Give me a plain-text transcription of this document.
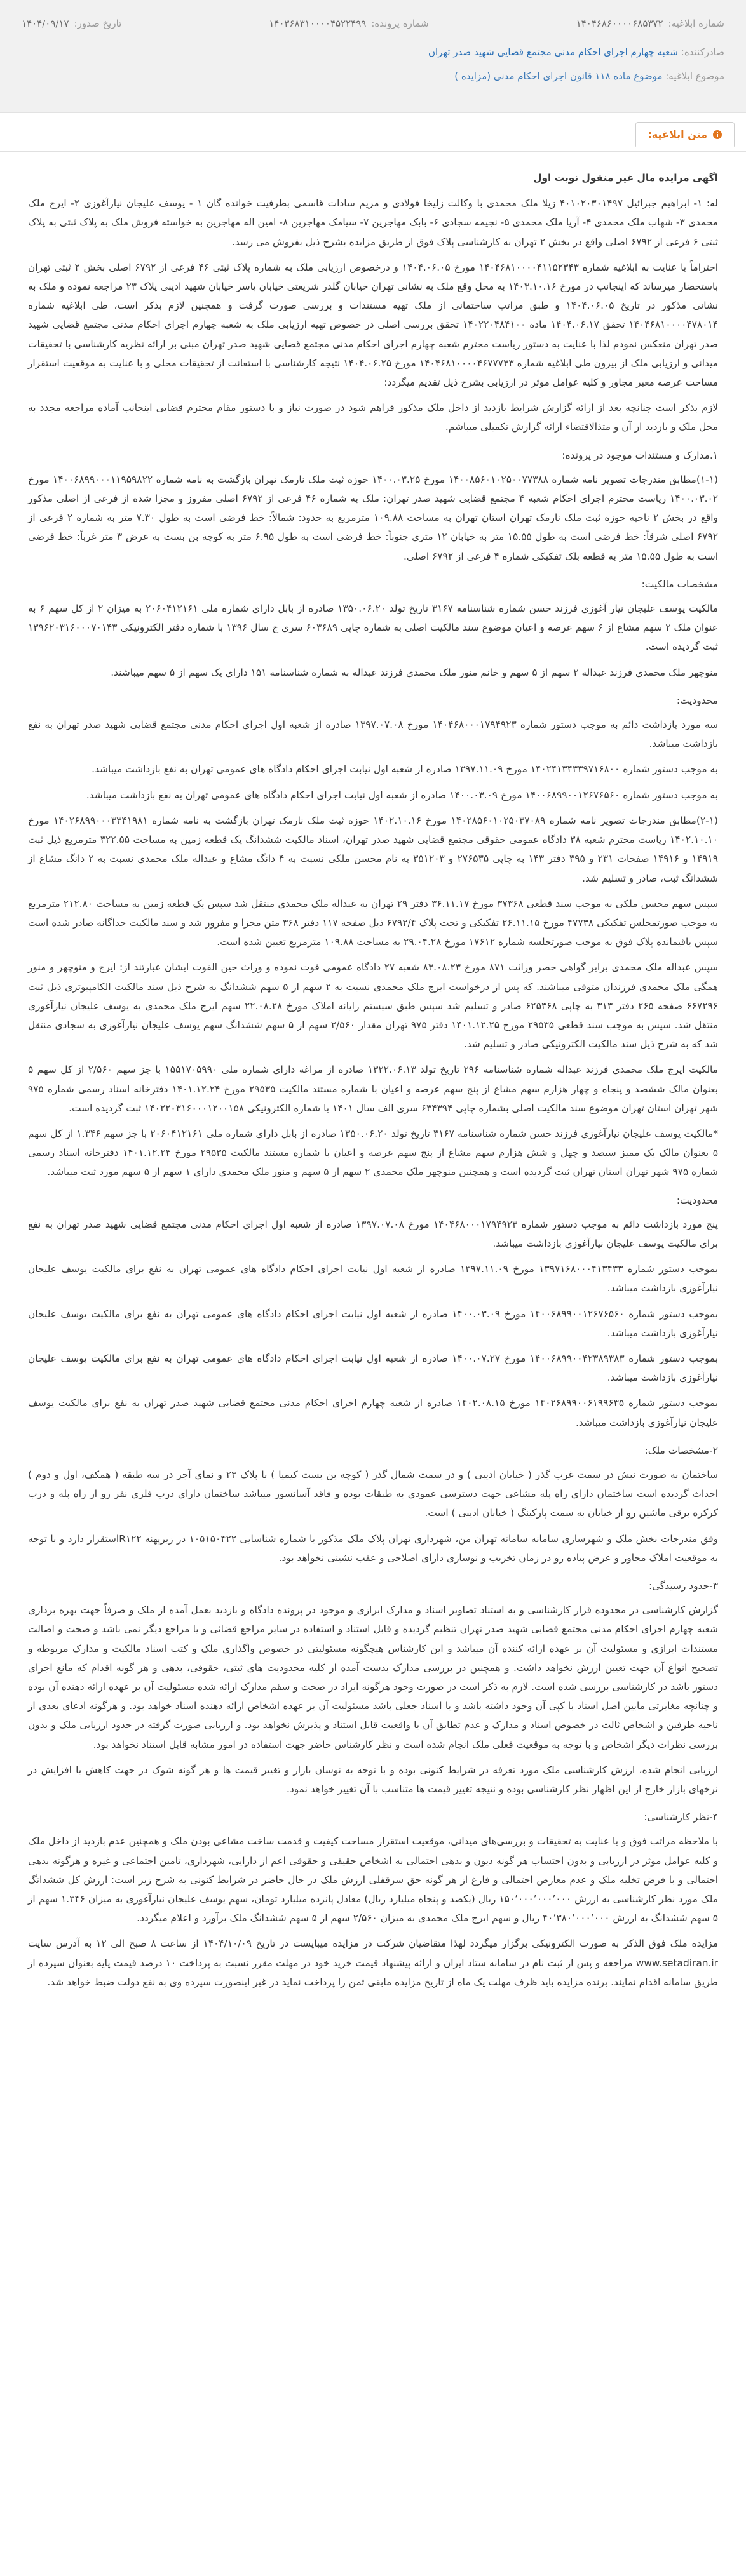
شماره ابلاغیه:
۱۴۰۴۶۸۶۰۰۰۰۶۸۵۳۷۲
شماره پرونده:
۱۴۰۳۶۸۳۱۰۰۰۰۴۵۲۲۴۹۹
تاریخ صدور:
۱۴۰۴/۰۹/۱۷
صادرکننده: شعبه چهارم اجرای احکام مدنی مجتمع قضایی شهید صدر تهران
موضوع ابلاغیه: موضوع ماده ۱۱۸ قانون اجرای احکام مدنی (مزایده )
متن ابلاغیه:

اگهی مزایده مال غیر منقول نوبت اول

له: ۱- ابراهیم جبرائیل ۴۰۱۰۲۰۳۰۱۴۹۷ زیلا ملک محمدی با وکالت زلیخا فولادی و مریم سادات قاسمی بطرفیت خوانده گان ۱ - یوسف علیجان نیارآغوزی ۲- ایرج ملک محمدی ۳- شهاب ملک محمدی ۴- آریا ملک محمدی ۵- نجیمه سجادی ۶- بابک مهاجرین ۷- سیامک مهاجرین ۸- امین اله مهاجرین به خواسته فروش ملک به پلاک ثبتی به پلاک ثبتی ۶ فرعی از ۶۷۹۲ اصلی واقع در بخش ۲ تهران به کارشناسی پلاک فوق از طریق مزایده بشرح ذیل بفروش می رسد.

احتراماً با عنایت به ابلاغیه شماره ۱۴۰۴۶۸۱۰۰۰۰۴۱۱۵۲۳۴۳ مورخ ۱۴۰۴.۰۶.۰۵ و درخصوص ارزیابی ملک به شماره پلاک ثبتی ۴۶ فرعی از ۶۷۹۲ اصلی بخش ۲ ثبتی تهران باستحضار میرساند که اینجانب در مورخ ۱۴۰۳.۱۰.۱۶ به محل وقع ملک به نشانی تهران خیابان گلدر شریعتی خیابان یاسر خیابان شهید ادیبی پلاک ۲۳ مراجعه نموده و ملک به نشانی مذکور در تاریخ ۱۴۰۴.۰۶.۰۵ و طبق مراتب ساختمانی از ملک تهیه مستندات و بررسی صورت گرفت و همچنین لازم بذکر است، طی ابلاغیه شماره ۱۴۰۴۶۸۱۰۰۰۰۴۷۸۰۱۴ تحقق ۱۴۰۴.۰۶.۱۷ ماده ۱۴۰۲۲۰۴۸۴۱۰۰ تحقق بررسی اصلی در خصوص تهیه ارزیابی ملک به شعبه چهارم اجرای احکام مدنی مجتمع قضایی شهید صدر تهران منعکس نمودم لذا با عنایت به دستور ریاست محترم شعبه چهارم اجرای احکام مدنی مجتمع قضایی شهید صدر تهران مبنی بر ارائه نظریه کارشناسی با تحقیقات میدانی و ارزیابی ملک از بیرون طی ابلاغیه شماره ۱۴۰۴۶۸۱۰۰۰۰۴۶۷۷۷۳۳ مورخ ۱۴۰۴.۰۶.۲۵ نتیجه کارشناسی با استعانت از تحقیقات محلی و با عنایت به موقعیت استقرار مساحت عرصه معبر مجاور و کلیه عوامل موثر در ارزیابی بشرح ذیل تقدیم میگردد:

لازم بذکر است چنانچه بعد از ارائه گزارش شرایط بازدید از داخل ملک مذکور فراهم شود در صورت نیاز و با دستور مقام محترم قضایی اینجانب آماده مراجعه مجدد به محل ملک و بازدید از آن و متذالاقتضاء ارائه گزارش تکمیلی میباشم.

۱.مدارک و مستندات موجود در پرونده:

(۱-۱)مطابق مندرجات تصویر نامه شماره ۱۴۰۰۸۵۶۰۱۰۲۵۰۰۷۷۳۸۸ مورخ ۱۴۰۰.۰۳.۲۵ حوزه ثبت ملک نارمک تهران بازگشت به نامه شماره ۱۴۰۰۶۸۹۹۰۰۰۱۱۹۵۹۸۲۲ مورخ ۱۴۰۰.۰۳.۰۲ ریاست محترم اجرای احکام شعبه ۴ مجتمع قضایی شهید صدر تهران: ملک به شماره ۴۶ فرعی از ۶۷۹۲ اصلی مفروز و مجزا شده از فرعی از اصلی مذکور واقع در بخش ۲ ناحیه حوزه ثبت ملک نارمک تهران استان تهران به مساحت ۱۰۹.۸۸ مترمربع به حدود: شمالاً: خط فرضی است به طول ۷.۳۰ متر به شماره ۲ فرعی از ۶۷۹۲ اصلی شرقاً: خط فرضی است به طول ۱۵.۵۵ متر به خیابان ۱۲ متری جنوباً: خط فرضی است به طول ۶.۹۵ متر به کوچه بن بست به عرض ۳ متر غرباً: خط فرضی است به طول ۱۵.۵۵ متر به قطعه بلک تفکیکی شماره ۴ فرعی از ۶۷۹۲ اصلی.

مشخصات مالکیت:

مالکیت یوسف علیجان نیار آغوزی فرزند حسن شماره شناسنامه ۳۱۶۷ تاریخ تولد ۱۳۵۰.۰۶.۲۰ صادره از بابل دارای شماره ملی ۲۰۶۰۴۱۲۱۶۱ به میزان ۲ از کل سهم ۶ به عنوان ملک ۲ سهم مشاع از ۶ سهم عرصه و اعیان موضوع سند مالکیت اصلی به شماره چاپی ۶۰۳۶۸۹ سری ج سال ۱۳۹۶ با شماره دفتر الکترونیکی ۱۳۹۶۲۰۳۱۶۰۰۰۷۰۱۴۳ ثبت گردیده است.

منوچهر ملک محمدی فرزند عبداله ۲ سهم از ۵ سهم و خانم منور ملک محمدی فرزند عبداله به شماره شناسنامه ۱۵۱ دارای یک سهم از ۵ سهم میباشند.

محدودیت:

سه مورد بازداشت دائم به موجب دستور شماره ۱۴۰۴۶۸۰۰۰۱۷۹۴۹۲۳ مورخ ۱۳۹۷.۰۷.۰۸ صادره از شعبه اول اجرای احکام مدنی مجتمع قضایی شهید صدر تهران به نفع بازداشت میباشد.

به موجب دستور شماره ۱۴۰۲۴۱۳۴۳۳۹۷۱۶۸۰۰ مورخ ۱۳۹۷.۱۱.۰۹ صادره از شعبه اول نیابت اجرای احکام دادگاه های عمومی تهران به نفع بازداشت میباشد.

به موجب دستور شماره ۱۴۰۰۶۸۹۹۰۰۱۲۶۷۶۵۶۰ مورخ ۱۴۰۰.۰۳.۰۹ صادره از شعبه اول نیابت اجرای احکام دادگاه های عمومی تهران به نفع بازداشت میباشد.

(۲-۱)مطابق مندرجات تصویر نامه شماره ۱۴۰۲۸۵۶۰۱۰۲۵۰۳۷۰۸۹ مورخ ۱۴۰۲.۱۰.۱۶ حوزه ثبت ملک نارمک تهران بازگشت به نامه شماره ۱۴۰۲۶۸۹۹۰۰۰۳۳۴۱۹۸۱ مورخ ۱۴۰۲.۱۰.۱۰ ریاست محترم شعبه ۳۸ دادگاه عمومی حقوقی مجتمع قضایی شهید صدر تهران، اسناد مالکیت ششدانگ یک قطعه زمین به مساحت ۳۲۲.۵۵ مترمربع ذیل ثبت ۱۴۹۱۹ و ۱۴۹۱۶ صفحات ۲۳۱ و ۳۹۵ دفتر ۱۴۳ به چاپی ۲۷۶۵۳۵ و ۳۵۱۲۰۳ به نام محسن ملکی نسبت به ۴ دانگ مشاع و عبداله ملک محمدی نسبت به ۲ دانگ مشاع از ششدانگ ثبت، صادر و تسلیم شد.

سپس سهم محسن ملکی به موجب سند قطعی ۳۷۳۶۸ مورخ ۳۶.۱۱.۱۷ دفتر ۲۹ تهران به عبداله ملک محمدی منتقل شد سپس یک قطعه زمین به مساحت ۲۱۲.۸۰ مترمربع به موجب صورتمجلس تفکیکی ۴۷۷۳۸ مورخ ۲۶.۱۱.۱۵ تفکیکی و تحت پلاک ۶۷۹۲/۴ ذیل صفحه ۱۱۷ دفتر ۳۶۸ متن مجزا و مفروز شد و سند مالکیت جداگانه صادر شده است سپس باقیمانده پلاک فوق به موجب صورتجلسه شماره ۱۷۶۱۲ مورخ ۲۹.۰۴.۲۸ به مساحت ۱۰۹.۸۸ مترمربع تعیین شده است.

سپس عبداله ملک محمدی برابر گواهی حصر وراثت ۸۷۱ مورخ ۸۳.۰۸.۲۳ شعبه ۲۷ دادگاه عمومی فوت نموده و وراث حین الفوت ایشان عبارتند از: ایرج و منوچهر و منور همگی ملک محمدی فرزندان متوفی میباشند. که پس از درخواست ایرج ملک محمدی نسبت به ۲ سهم از ۵ سهم ششدانگ به شرح ذیل سند مالکیت الکامپیوتری ذیل ثبت ۶۶۷۲۹۶ صفحه ۲۶۵ دفتر ۳۱۳ به چاپی ۶۲۵۳۶۸ صادر و تسلیم شد سپس طبق سیستم رایانه املاک مورخ ۲۲.۰۸.۲۸ سهم ایرج ملک محمدی به یوسف علیجان نیارآغوزی منتقل شد. سپس به موجب سند قطعی ۲۹۵۳۵ مورخ ۱۴۰۱.۱۲.۲۵ دفتر ۹۷۵ تهران مقدار ۲/۵۶۰ سهم از ۵ سهم ششدانگ سهم یوسف علیجان نیارآغوزی به سجادی منتقل شد که به شرح ذیل سند مالکیت الکترونیکی صادر و تسلیم شد.

مالکیت ایرج ملک محمدی فرزند عبداله شماره شناسنامه ۲۹۶ تاریخ تولد ۱۳۲۲.۰۶.۱۳ صادره از مراغه دارای شماره ملی ۱۵۵۱۷۰۵۹۹۰ با جز سهم ۲/۵۶۰ از کل سهم ۵ بعنوان مالک ششصد و پنجاه و چهار هزارم سهم مشاع از پنج سهم عرصه و اعیان با شماره مستند مالکیت ۲۹۵۳۵ مورخ ۱۴۰۱.۱۲.۲۴ دفترخانه اسناد رسمی شماره ۹۷۵ شهر تهران استان تهران موضوع سند مالکیت اصلی بشماره چاپی ۶۳۴۳۹۴ سری الف سال ۱۴۰۱ با شماره الکترونیکی ۱۴۰۲۲۰۳۱۶۰۰۰۱۲۰۰۱۵۸ ثبت گردیده است.

*مالکیت یوسف علیجان نیارآغوزی فرزند حسن شماره شناسنامه ۳۱۶۷ تاریخ تولد ۱۳۵۰.۰۶.۲۰ صادره از بابل دارای شماره ملی ۲۰۶۰۴۱۲۱۶۱ با جز سهم ۱.۳۴۶ از کل سهم ۵ بعنوان مالک یک ممیز سیصد و چهل و شش هزارم سهم مشاع از پنج سهم عرصه و اعیان با شماره مستند مالکیت ۲۹۵۳۵ مورخ ۱۴۰۱.۱۲.۲۴ دفترخانه اسناد رسمی شماره ۹۷۵ شهر تهران استان تهران ثبت گردیده است و همچنین منوچهر ملک محمدی ۲ سهم از ۵ سهم و منور ملک محمدی دارای ۱ سهم از ۵ سهم مورد ثبت میباشد.

محدودیت:

پنج مورد بازداشت دائم به موجب دستور شماره ۱۴۰۴۶۸۰۰۰۱۷۹۴۹۲۳ مورخ ۱۳۹۷.۰۷.۰۸ صادره از شعبه اول اجرای احکام مدنی مجتمع قضایی شهید صدر تهران به نفع برای مالکیت یوسف علیجان نیارآغوزی بازداشت میباشد.

بموجب دستور شماره ۱۳۹۷۱۶۸۰۰۰۴۱۳۴۳۳ مورخ ۱۳۹۷.۱۱.۰۹ صادره از شعبه اول نیابت اجرای احکام دادگاه های عمومی تهران به نفع برای مالکیت یوسف علیجان نیارآغوزی بازداشت میباشد.

بموجب دستور شماره ۱۴۰۰۶۸۹۹۰۰۱۲۶۷۶۵۶۰ مورخ ۱۴۰۰.۰۳.۰۹ صادره از شعبه اول نیابت اجرای احکام دادگاه های عمومی تهران به نفع برای مالکیت یوسف علیجان نیارآغوزی بازداشت میباشد.

بموجب دستور شماره ۱۴۰۰۶۸۹۹۰۰۴۲۳۸۹۳۸۳ مورخ ۱۴۰۰.۰۷.۲۷ صادره از شعبه اول نیابت اجرای احکام دادگاه های عمومی تهران به نفع برای مالکیت یوسف علیجان نیارآغوزی بازداشت میباشد.

بموجب دستور شماره ۱۴۰۲۶۸۹۹۰۰۶۱۹۹۶۳۵ مورخ ۱۴۰۲.۰۸.۱۵ صادره از شعبه چهارم اجرای احکام مدنی مجتمع قضایی شهید صدر تهران به نفع برای مالکیت یوسف علیجان نیارآغوزی بازداشت میباشد.

۲-مشخصات ملک:

ساختمان به صورت نبش در سمت غرب گذر ( خیابان ادیبی ) و در سمت شمال گذر ( کوچه بن بست کیمیا ) با پلاک ۲۳ و نمای آجر در سه طبقه ( همکف، اول و دوم ) احداث گردیده است ساختمان دارای راه پله مشاعی جهت دسترسی عمودی به طبقات بوده و فاقد آسانسور میباشد ساختمان دارای درب فلزی نفر رو از راه پله و درب کرکره برقی ماشین رو از خیابان به سمت پارکینگ ( خیابان ادیبی ) است.

وفق مندرجات بخش ملک و شهرسازی سامانه سامانه تهران من، شهرداری تهران پلاک ملک مذکور با شماره شناسایی ۱۰۵۱۵۰۴۲۲ در زیرپهنه R۱۲۲استقرار دارد و با توجه به موقعیت املاک مجاور و عرض پیاده رو در زمان تخریب و نوسازی دارای اصلاحی و عقب نشینی نخواهد بود.

۳-حدود رسیدگی:

گزارش کارشناسی در محدوده قرار کارشناسی و به استناد تصاویر اسناد و مدارک ابرازی و موجود در پرونده دادگاه و بازدید بعمل آمده از ملک و صرفاً جهت بهره برداری شعبه چهارم اجرای احکام مدنی مجتمع قضایی شهید صدر تهران تنظیم گردیده و قابل استناد و استفاده در سایر مراجع قضائی و یا مراجع دیگر نمی باشد و صحت و اصالت مستندات ابرازی و مسئولیت آن بر عهده ارائه کننده آن میباشد و این کارشناس هیچگونه مسئولیتی در خصوص واگذاری ملک و کتب اسناد مالکیت و مدارک مربوطه و تصحیح انواع آن جهت تعیین ارزش نخواهد داشت. و همچنین در بررسی مدارک بدست آمده از کلیه محدودیت های ثبتی، حقوقی، بدهی و هر گونه اقدام که مانع اجرای دستور باشد در کارشناسی بررسی شده است. لازم به ذکر است در صورت وجود هرگونه ایراد در صحت و سقم مدارک ارائه شده مسئولیت آن بر عهده ارائه دهنده آن بوده و چنانچه مغایرتی مابین اصل اسناد با کپی آن وجود داشته باشد و یا اسناد جعلی باشد مسئولیت آن بر عهده اشخاص ارائه دهنده اسناد خواهد بود. و هرگونه ادعای بعدی از ناحیه طرفین و اشخاص ثالث در خصوص اسناد و مدارک و عدم تطابق آن با واقعیت قابل استناد و پذیرش نخواهد بود. و ارزیابی صورت گرفته در حدود ارزیابی ملک و بدون بررسی نظرات دیگر اشخاص و با توجه به موقعیت فعلی ملک انجام شده است و نظر کارشناس حاضر جهت استفاده در امور مشابه قابل استناد نخواهد بود.

ارزیابی انجام شده، ارزش کارشناسی ملک مورد تعرفه در شرایط کنونی بوده و با توجه به نوسان بازار و تغییر قیمت ها و هر گونه شوک در جهت کاهش یا افزایش در نرخهای بازار خارج از این اظهار نظر کارشناسی بوده و نتیجه تغییر قیمت ها متناسب با آن تغییر خواهد نمود.

۴-نظر کارشناسی:

با ملاحظه مراتب فوق و با عنایت به تحقیقات و بررسی‌های میدانی، موقعیت استقرار مساحت کیفیت و قدمت ساخت مشاعی بودن ملک و همچنین عدم بازدید از داخل ملک و کلیه عوامل موثر در ارزیابی و بدون احتساب هر گونه دیون و بدهی احتمالی به اشخاص حقیقی و حقوقی اعم از دارایی، شهرداری، تامین اجتماعی و غیره و هرگونه بدهی احتمالی و با فرض تخلیه ملک و عدم معارض احتمالی و فارغ از هر گونه حق سرقفلی ارزش ملک در حال حاضر در شرایط کنونی به شرح زیر است: ارزش کل ششدانگ ملک مورد نظر کارشناسی به ارزش ۱۵۰٬۰۰۰٬۰۰۰٬۰۰۰ ریال (یکصد و پنجاه میلیارد ریال) معادل پانزده میلیارد تومان، سهم یوسف علیجان نیارآغوزی به میزان ۱.۳۴۶ سهم از ۵ سهم ششدانگ به ارزش ۴۰٬۳۸۰٬۰۰۰٬۰۰۰ ریال و سهم ایرج ملک محمدی به میزان ۲/۵۶۰ سهم از ۵ سهم ششدانگ ملک برآورد و اعلام میگردد.

مزایده ملک فوق الذکر به صورت الکترونیکی برگزار میگردد لهذا متقاضیان شرکت در مزایده میبایست در تاریخ ۱۴۰۴/۱۰/۰۹ از ساعت ۸ صبح الی ۱۲ به آدرس سایت www.setadiran.ir مراجعه و پس از ثبت نام در سامانه ستاد ایران و ارائه پیشنهاد قیمت خرید خود در مهلت مقرر نسبت به پرداخت ۱۰ درصد قیمت پایه بعنوان سپرده از طریق سامانه اقدام نمایند. برنده مزایده باید ظرف مهلت یک ماه از تاریخ مزایده مابقی ثمن را پرداخت نماید در غیر اینصورت سپرده وی به نفع دولت ضبط خواهد شد.
